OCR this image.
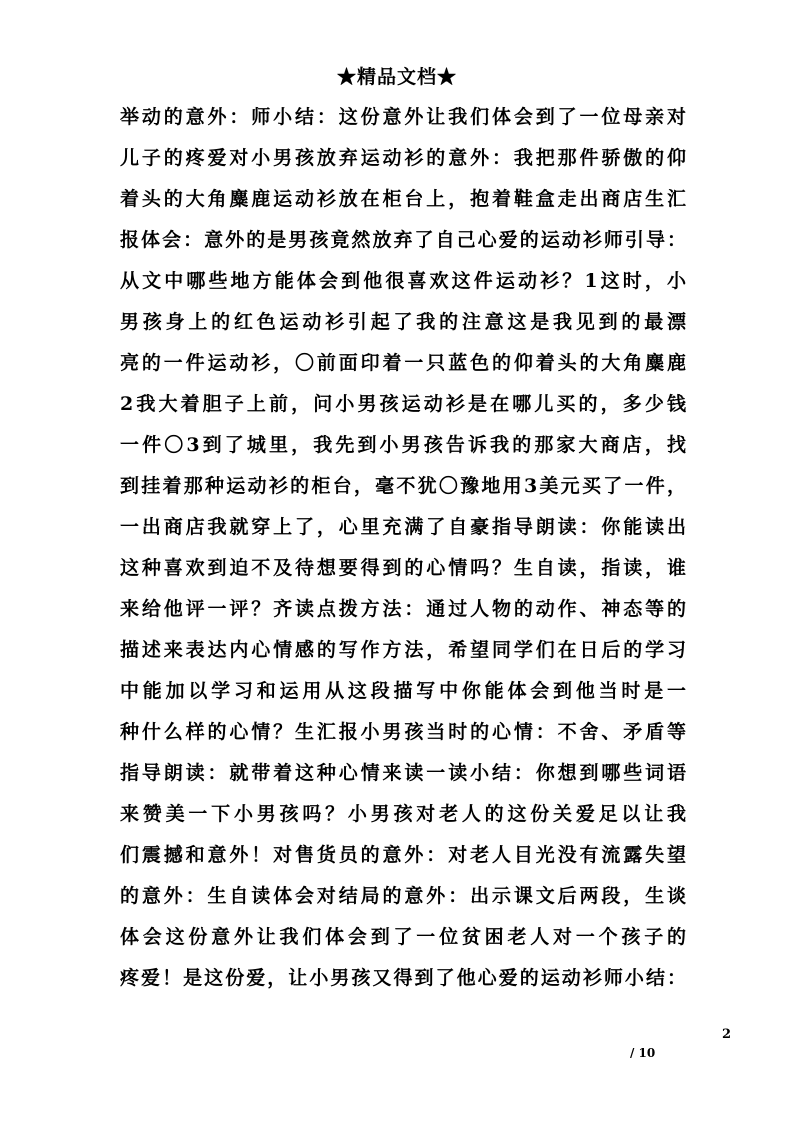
★精品文档★
举动的意外：师小结：这份意外让我们体会到了一位母亲对
儿子的疼爱对小男孩放弃运动衫的意外：我把那件骄傲的仰
着头的大角麋鹿运动衫放在柜台上，抱着鞋盒走出商店生汇
报体会：意外的是男孩竟然放弃了自己心爱的运动衫师引导：
从文中哪些地方能体会到他很喜欢这件运动衫？1这时，小
男孩身上的红色运动衫引起了我的注意这是我见到的最漂
亮的一件运动衫，〇前面印着一只蓝色的仰着头的大角麋鹿
2我大着胆子上前，问小男孩运动衫是在哪儿买的，多少钱
一件〇3到了城里，我先到小男孩告诉我的那家大商店，找
到挂着那种运动衫的柜台，毫不犹〇豫地用3美元买了一件，
一出商店我就穿上了，心里充满了自豪指导朗读：你能读出
这种喜欢到迫不及待想要得到的心情吗？生自读，指读，谁
来给他评一评？齐读点拨方法：通过人物的动作、神态等的
描述来表达内心情感的写作方法，希望同学们在日后的学习
中能加以学习和运用从这段描写中你能体会到他当时是一
种什么样的心情？生汇报小男孩当时的心情：不舍、矛盾等
指导朗读：就带着这种心情来读一读小结：你想到哪些词语
来赞美一下小男孩吗？小男孩对老人的这份关爱足以让我
们震撼和意外！对售货员的意外：对老人目光没有流露失望
的意外：生自读体会对结局的意外：出示课文后两段，生谈
体会这份意外让我们体会到了一位贫困老人对一个孩子的
疼爱！是这份爱，让小男孩又得到了他心爱的运动衫师小结：
2
/ 10
